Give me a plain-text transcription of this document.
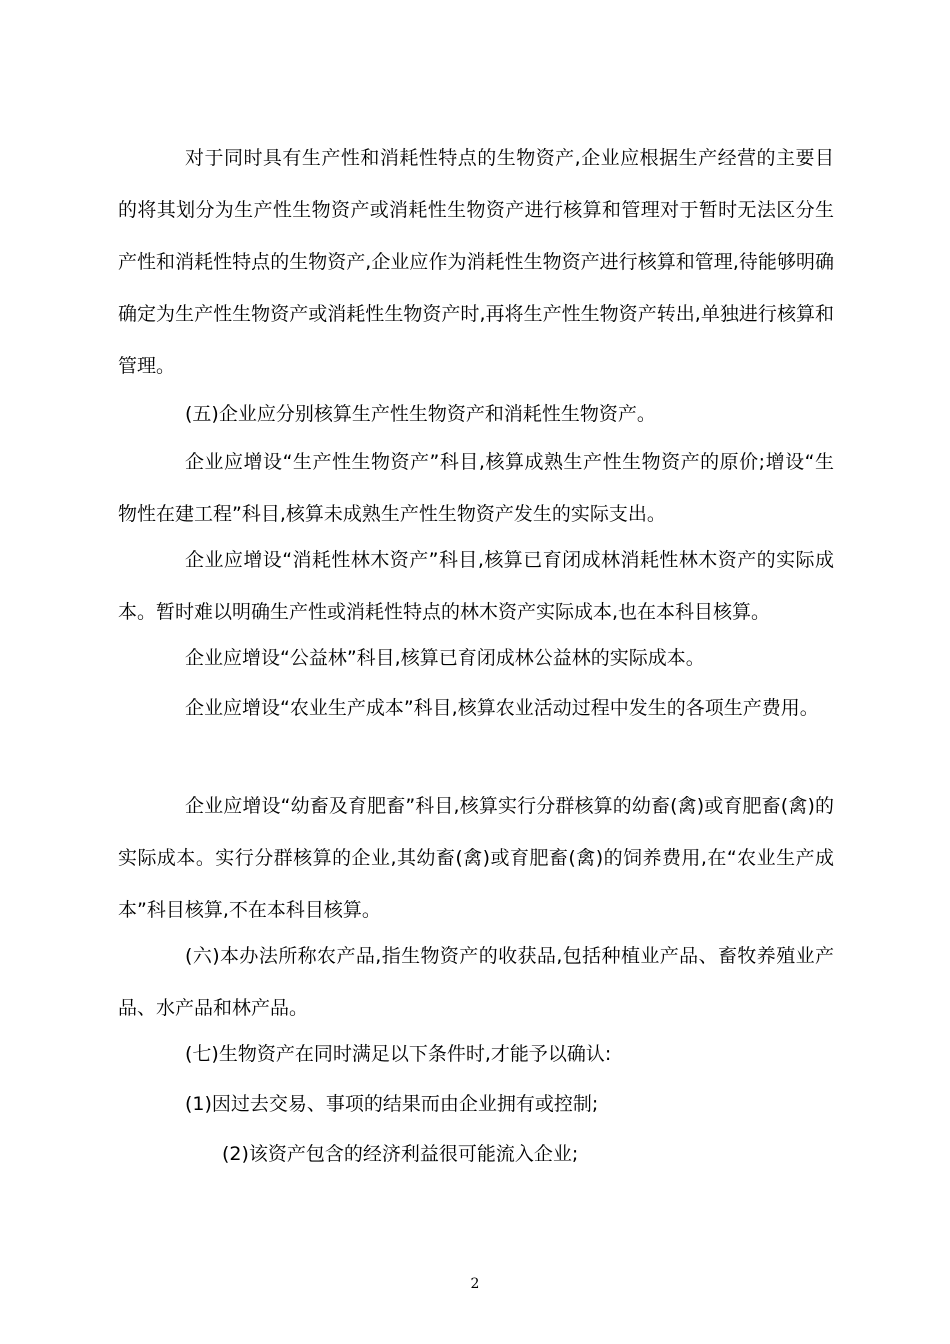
对于同时具有生产性和消耗性特点的生物资产,企业应根据生产经营的主要目的将其划分为生产性生物资产或消耗性生物资产进行核算和管理对于暂时无法区分生产性和消耗性特点的生物资产,企业应作为消耗性生物资产进行核算和管理,待能够明确确定为生产性生物资产或消耗性生物资产时,再将生产性生物资产转出,单独进行核算和管理。

(五)企业应分别核算生产性生物资产和消耗性生物资产。

企业应增设“生产性生物资产”科目,核算成熟生产性生物资产的原价;增设“生物性在建工程”科目,核算未成熟生产性生物资产发生的实际支出。

企业应增设“消耗性林木资产”科目,核算已育闭成林消耗性林木资产的实际成本。暂时难以明确生产性或消耗性特点的林木资产实际成本,也在本科目核算。

企业应增设“公益林”科目,核算已育闭成林公益林的实际成本。

企业应增设“农业生产成本”科目,核算农业活动过程中发生的各项生产费用。

企业应增设“幼畜及育肥畜”科目,核算实行分群核算的幼畜(禽)或育肥畜(禽)的实际成本。实行分群核算的企业,其幼畜(禽)或育肥畜(禽)的饲养费用,在“农业生产成本”科目核算,不在本科目核算。

(六)本办法所称农产品,指生物资产的收获品,包括种植业产品、畜牧养殖业产品、水产品和林产品。

(七)生物资产在同时满足以下条件时,才能予以确认:

(1)因过去交易、事项的结果而由企业拥有或控制;

(2)该资产包含的经济利益很可能流入企业;

2
